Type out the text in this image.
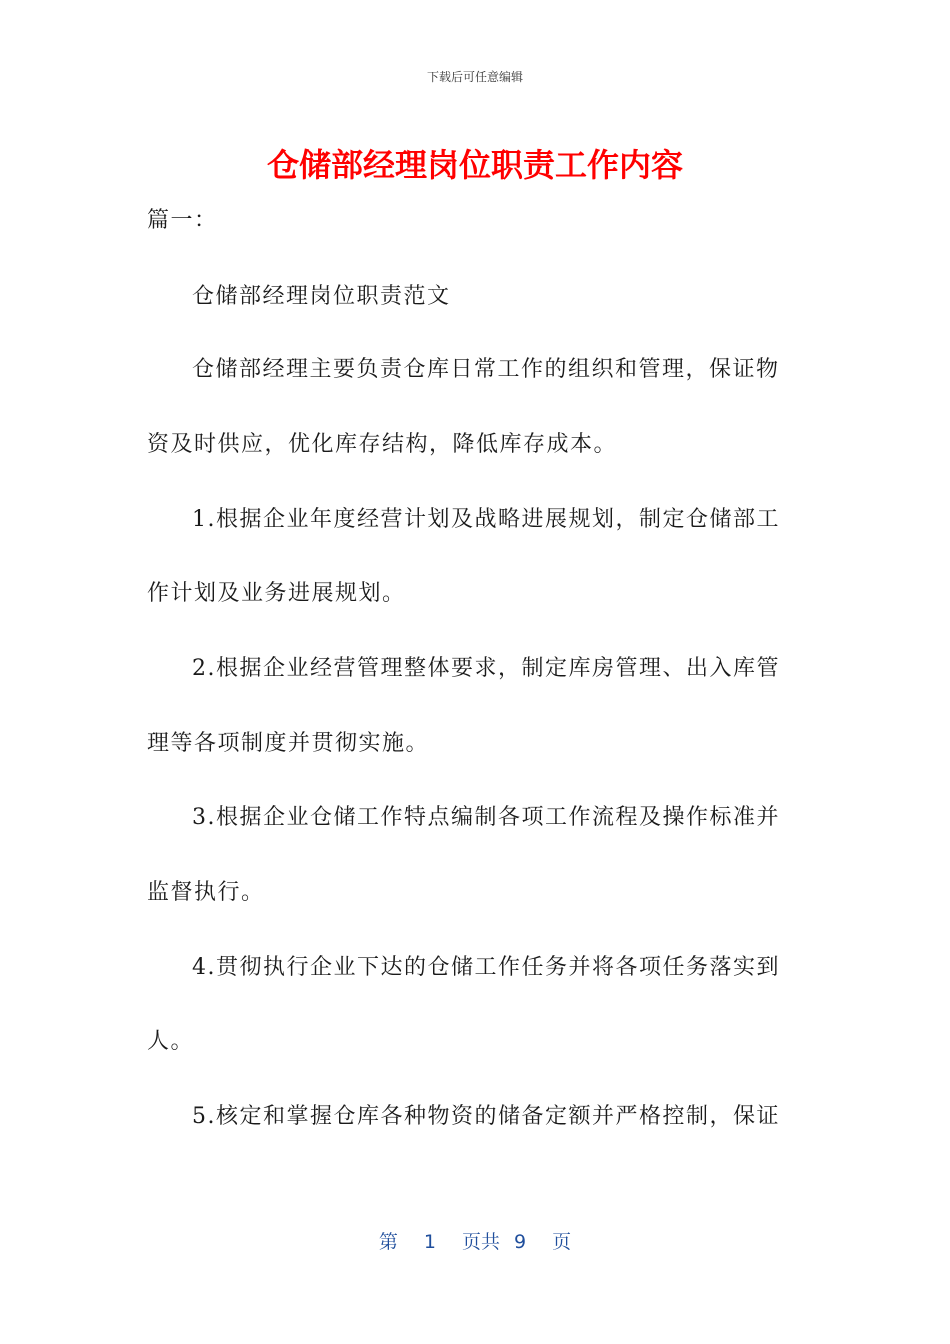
下载后可任意编辑
仓储部经理岗位职责工作内容
篇一：
仓储部经理岗位职责范文
仓储部经理主要负责仓库日常工作的组织和管理，保证物
资及时供应，优化库存结构，降低库存成本。
1.根据企业年度经营计划及战略进展规划，制定仓储部工
作计划及业务进展规划。
2.根据企业经营管理整体要求，制定库房管理、出入库管
理等各项制度并贯彻实施。
3.根据企业仓储工作特点编制各项工作流程及操作标准并
监督执行。
4.贯彻执行企业下达的仓储工作任务并将各项任务落实到
人。
5.核定和掌握仓库各种物资的储备定额并严格控制，保证
第 1 页共 9 页
